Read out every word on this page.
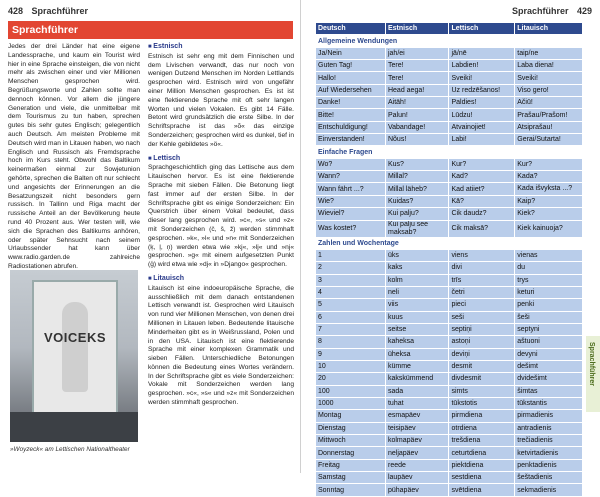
428 Sprachführer
Sprachführer

Jedes der drei Länder hat eine eigene Landessprache, und kaum ein Tourist wird hier in eine Sprache einsteigen, die von nicht mehr als zwischen einer und vier Millionen Menschen gesprochen wird. Begrüßungsworte und Zahlen sollte man dennoch können. Vor allem die jüngere Generation und viele, die unmittelbar mit dem Tourismus zu tun haben, sprechen gutes bis sehr gutes Englisch; gelegentlich auch Deutsch. Am meisten Probleme mit Deutsch wird man in Litauen haben, wo nach Englisch und Russisch als Fremdsprache hoch im Kurs steht. Obwohl das Baltikum keinermaßen einmal zur Sowjetunion gehörte, sprechen die Balten oft nur schlecht und angesichts der Erinnerungen an die Besatzungszeit nicht besonders gern russisch. In Tallinn und Riga macht der russische Anteil an der Bevölkerung heute rund 40 Prozent aus. Wer testen will, wie sich die Sprachen des Baltikums anhören, oder später Sehnsucht nach seinem Urlaubssender hat kann über www.radio.garden.de zahlreiche Radiostationen abrufen.

■ Estnisch

Estnisch ist sehr eng mit dem Finnischen und dem Livischen verwandt, das nur noch von wenigen Dutzend Menschen im Norden Lettlands gesprochen wird. Estnisch wird von ungefähr einer Million Menschen gesprochen. Es ist ist eine flektierende Sprache mit oft sehr langen Worten und vielen Vokalen. Es gibt 14 Fälle. Betont wird grundsätzlich die erste Silbe. In der Schriftsprache ist das »õ« das einzige Sonderzeichen; gesprochen wird es dunkel, tief in der Kehle gebildetes »ö«.

■ Lettisch

Sprachgeschichtlich ging das Lettische aus dem Litauischen hervor. Es ist eine flektierende Sprache mit sieben Fällen. Die Betonung liegt fast immer auf der ersten Silbe. In der Schriftsprache gibt es einige Sonderzeichen: Ein Querstrich über einem Vokal bedeutet, dass dieser lang gesprochen wird. »c«, »s« und »z« mit Sonderzeichen (č, š, ž) werden stimmhaft gesprochen. »k«, »l« und »n« mit Sonderzeichen (ķ, ļ, ņ) werden etwa wie »kj«, »lj« und »nj« gesprochen. »g« mit einem aufgesetzten Punkt (ģ) wird etwa wie »dj« in »Django« gesprochen.

■ Litauisch

Litauisch ist eine indoeuropäische Sprache, die ausschließlich mit dem danach entstandenen Lettisch verwandt ist. Gesprochen wird Litauisch von rund vier Millionen Menschen, von denen drei Millionen in Litauen leben. Bedeutende litauische Minderheiten gibt es in Weißrussland, Polen und in den USA. Litauisch ist eine flektierende Sprache mit einer komplexen Grammatik und sieben Fällen. Unterschiedliche Betonungen können die Bedeutung eines Wortes verändern. In der Schriftsprache gibt es viele Sonderzeichen: Vokale mit Sonderzeichen werden lang gesprochen. »c«, »s« und »z« mit Sonderzeichen werden stimmhaft gesprochen.

VOICEKS
»Woyzeck« am Lettischen Nationaltheater
Sprachführer 429
Deutsch	Estnisch	Lettisch	Litauisch
Allgemeine Wendungen			
Ja/Nein	jah/ei	jā/nē	taip/ne
Guten Tag!	Tere!	Labdien!	Laba diena!
Hallo!	Tere!	Sveiki!	Sveiki!
Auf Wiedersehen	Head aega!	Uz redzēšanos!	Viso gero!
Danke!	Aitäh!	Paldies!	Ačiū!
Bitte!	Palun!	Lūdzu!	Prašau/Prašom!
Entschuldigung!	Vabandage!	Atvainojiet!	Atsiprašau!
Einverstanden!	Nõus!	Labi!	Gerai/Sutarta!
Einfache Fragen			
Wo?	Kus?	Kur?	Kur?
Wann?	Millal?	Kad?	Kada?
Wann fährt ...?	Millal läheb?	Kad atiiet?	Kada išvyksta ...?
Wie?	Kuidas?	Kā?	Kaip?
Wieviel?	Kui palju?	Cik daudz?	Kiek?
Was kostet?	Kui palju see maksab?	Cik maksā?	Kiek kainuoja?
Zahlen und Wochentage			
1	üks	viens	vienas
2	kaks	divi	du
3	kolm	trīs	trys
4	neli	četri	keturi
5	viis	pieci	penki
6	kuus	seši	šeši
7	seitse	septiņi	septyni
8	kaheksa	astoņi	aštuoni
9	üheksa	deviņi	devyni
10	kümme	desmit	dešimt
20	kakskümmend	divdesmit	dvidešimt
100	sada	simts	šimtas
1000	tuhat	tūkstotis	tūkstantis
Montag	esmapäev	pirmdiena	pirmadienis
Dienstag	teisipäev	otrdiena	antradienis
Mittwoch	kolmapäev	trešdiena	trečiadienis
Donnerstag	neljapäev	ceturtdiena	ketvirtadienis
Freitag	reede	piektdiena	penktadienis
Samstag	laupäev	sestdiena	šeštadienis
Sonntag	pühapäev	svētdiena	sekmadienis
Sprachführer
